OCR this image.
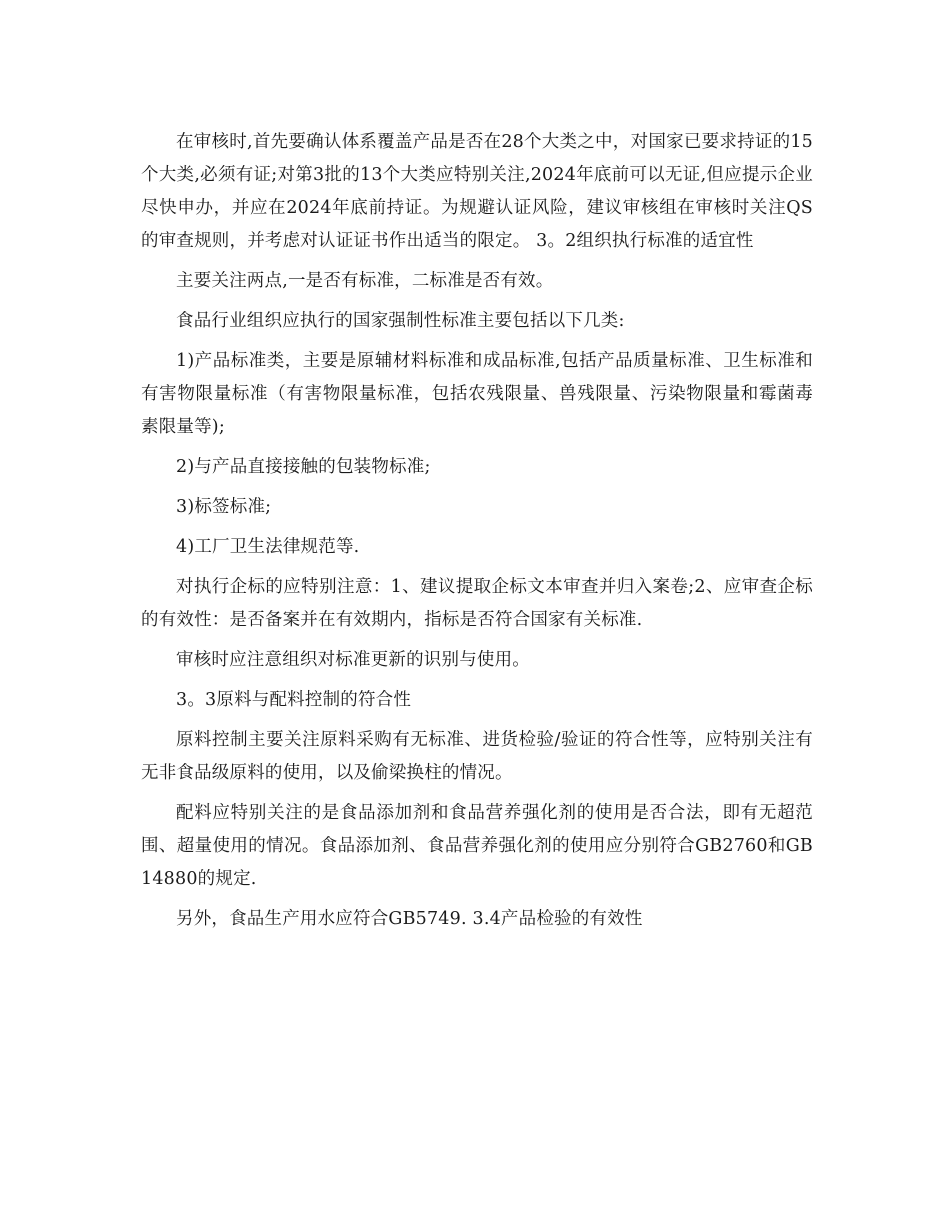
在审核时,首先要确认体系覆盖产品是否在28个大类之中，对国家已要求持证的15个大类,必须有证;对第3批的13个大类应特别关注,2024年底前可以无证,但应提示企业尽快申办，并应在2024年底前持证。为规避认证风险，建议审核组在审核时关注QS的审查规则，并考虑对认证证书作出适当的限定。 3。2组织执行标准的适宜性

主要关注两点,一是否有标准，二标准是否有效。

食品行业组织应执行的国家强制性标准主要包括以下几类:

1)产品标准类，主要是原辅材料标准和成品标准,包括产品质量标准、卫生标准和有害物限量标准（有害物限量标准，包括农残限量、兽残限量、污染物限量和霉菌毒素限量等);

2)与产品直接接触的包装物标准;

3)标签标准;

4)工厂卫生法律规范等.

对执行企标的应特别注意：1、建议提取企标文本审查并归入案卷;2、应审查企标的有效性：是否备案并在有效期内，指标是否符合国家有关标准.

审核时应注意组织对标准更新的识别与使用。

3。3原料与配料控制的符合性

原料控制主要关注原料采购有无标准、进货检验/验证的符合性等，应特别关注有无非食品级原料的使用，以及偷梁换柱的情况。

配料应特别关注的是食品添加剂和食品营养强化剂的使用是否合法，即有无超范围、超量使用的情况。食品添加剂、食品营养强化剂的使用应分别符合GB2760和GB14880的规定.

另外，食品生产用水应符合GB5749. 3.4产品检验的有效性
